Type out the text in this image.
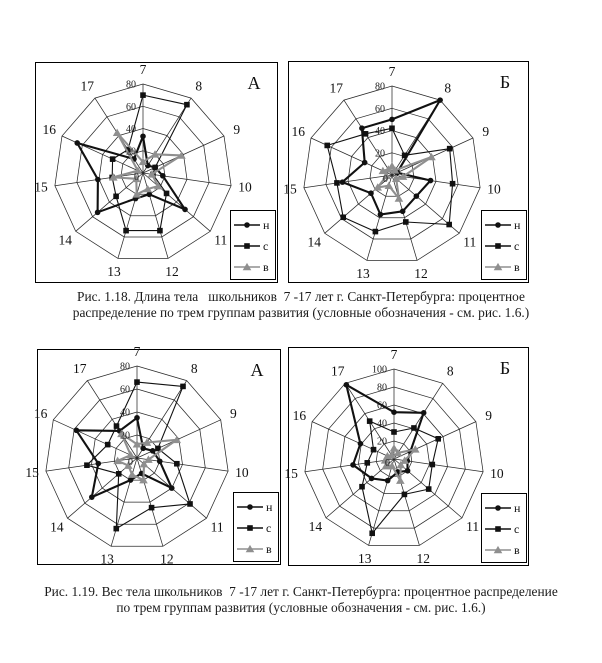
0
20
40
60
80
7
8
9
10
11
12
13
14
15
16
17	А
н
с
в
0
20
40
60
80
7
8
9
10
11
12
13
14
15
16
17	Б
н
с
в
0
20
40
60
80
7
8
9
10
11
12
13
14
15
16
17	А
н
с
в
0
20
40
60
80
100
7
8
9
10
11
12
13
14
15
16
17	Б
н
с
в
Рис. 1.18. Длина тела   школьников  7 -17 лет г. Санкт-Петербурга: процентное
распределение по трем группам развития (условные обозначения - см. рис. 1.6.)
Рис. 1.19. Вес тела школьников  7 -17 лет г. Санкт-Петербурга: процентное распределение
по трем группам развития (условные обозначения - см. рис. 1.6.)
